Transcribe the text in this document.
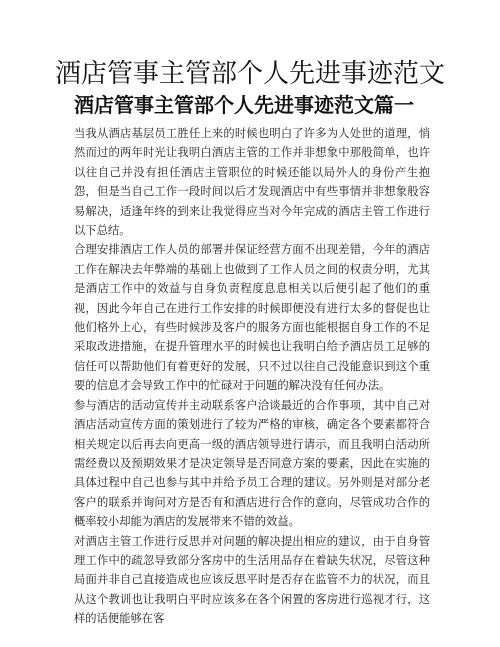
酒店管事主管部个人先进事迹范文
酒店管事主管部个人先进事迹范文篇一

当我从酒店基层员工胜任上来的时候也明白了许多为人处世的道理，悄然而过的两年时光让我明白酒店主管的工作并非想象中那般简单，也许以往自己并没有担任酒店主管职位的时候还能以局外人的身份产生抱怨，但是当自己工作一段时间以后才发现酒店中有些事情并非想象般容易解决，适逢年终的到来让我觉得应当对今年完成的酒店主管工作进行以下总结。

合理安排酒店工作人员的部署并保证经营方面不出现差错，今年的酒店工作在解决去年弊端的基础上也做到了工作人员之间的权责分明，尤其是酒店工作中的效益与自身负责程度息息相关以后便引起了他们的重视，因此今年自己在进行工作安排的时候即便没有进行太多的督促也让他们格外上心，有些时候涉及客户的服务方面也能根据自身工作的不足采取改进措施，在提升管理水平的时候也让我明白给予酒店员工足够的信任可以帮助他们有着更好的发展，只不过以往自己没能意识到这个重要的信息才会导致工作中的忙碌对于问题的解决没有任何办法。

参与酒店的活动宣传并主动联系客户洽谈最近的合作事项，其中自己对酒店活动宣传方面的策划进行了较为严格的审核，确定各个要素都符合相关规定以后再去向更高一级的酒店领导进行请示，而且我明白活动所需经费以及预期效果才是决定领导是否同意方案的要素，因此在实施的具体过程中自己也参与其中并给予员工合理的建议。另外则是对部分老客户的联系并询问对方是否有和酒店进行合作的意向，尽管成功合作的概率较小却能为酒店的发展带来不错的效益。

对酒店主管工作进行反思并对问题的解决提出相应的建议，由于自身管理工作中的疏忽导致部分客房中的生活用品存在着缺失状况，尽管这种局面并非自己直接造成也应该反思平时是否存在监管不力的状况，而且从这个教训也让我明白平时应该多在各个闲置的客房进行巡视才行，这样的话便能够在客
